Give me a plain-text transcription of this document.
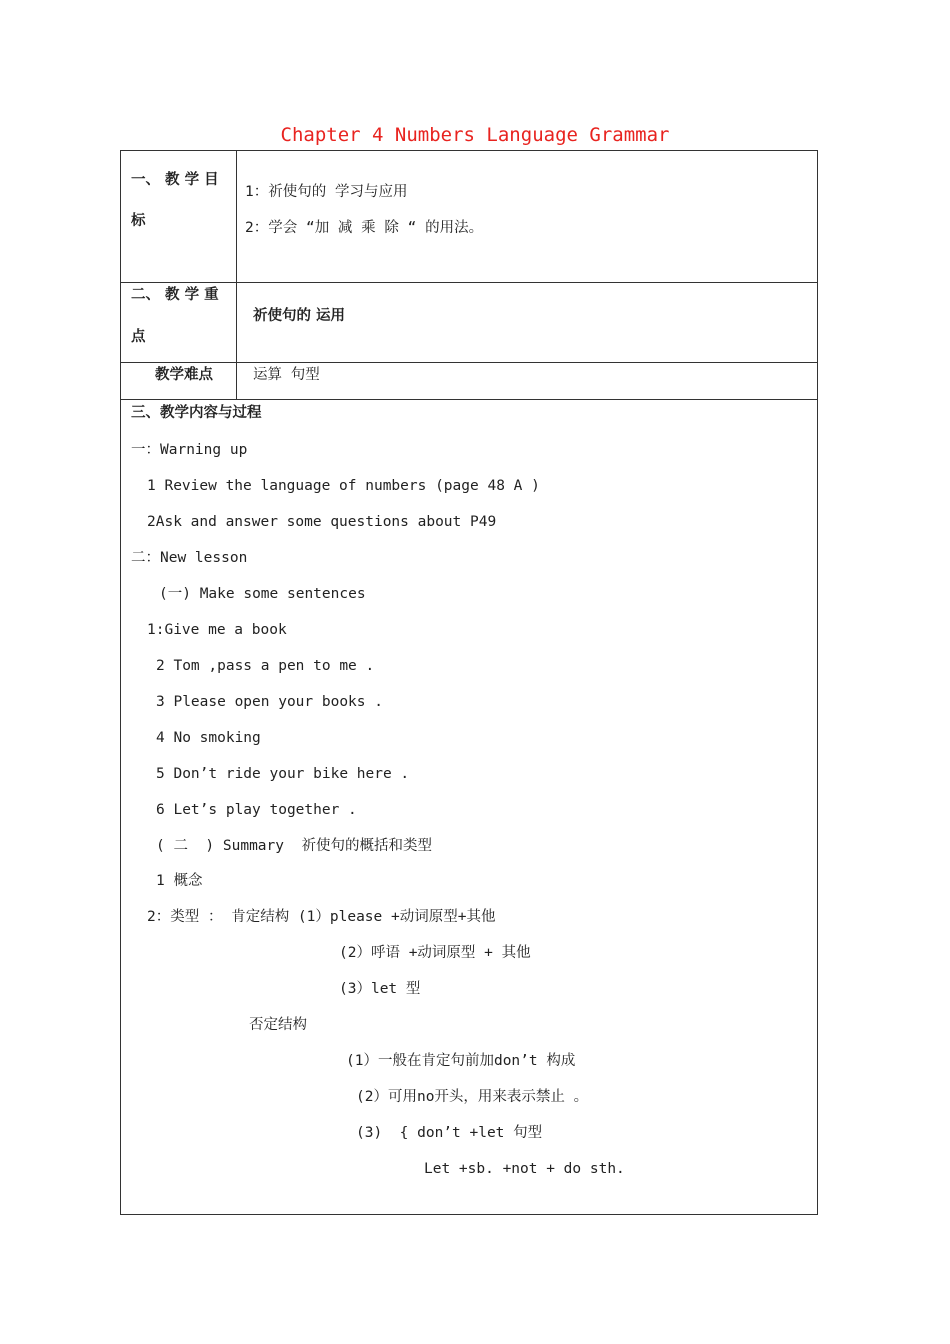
Chapter 4 Numbers Language Grammar
一、 教 学 目
标
1：祈使句的 学习与应用
2：学会 “加 减 乘 除 “ 的用法。
二、 教 学 重
点
祈使句的 运用
教学难点	运算 句型
三、教学内容与过程
一：Warning up
1 Review the language of numbers (page 48 A )
2Ask and answer some questions about P49
二：New lesson
(一) Make some sentences
1:Give me a book
2 Tom ,pass a pen to me .
3 Please open your books .
4 No smoking
5 Don’t ride your bike here .
6 Let’s play together .
( 二  ) Summary  祈使句的概括和类型
1 概念
2：类型 ： 肯定结构 (1）please +动词原型+其他
(2）呼语 +动词原型 + 其他
(3）let 型
否定结构
(1）一般在肯定句前加don’t 构成
(2）可用no开头，用来表示禁止 。
(3)  { don’t +let 句型
Let +sb. +not + do sth.
